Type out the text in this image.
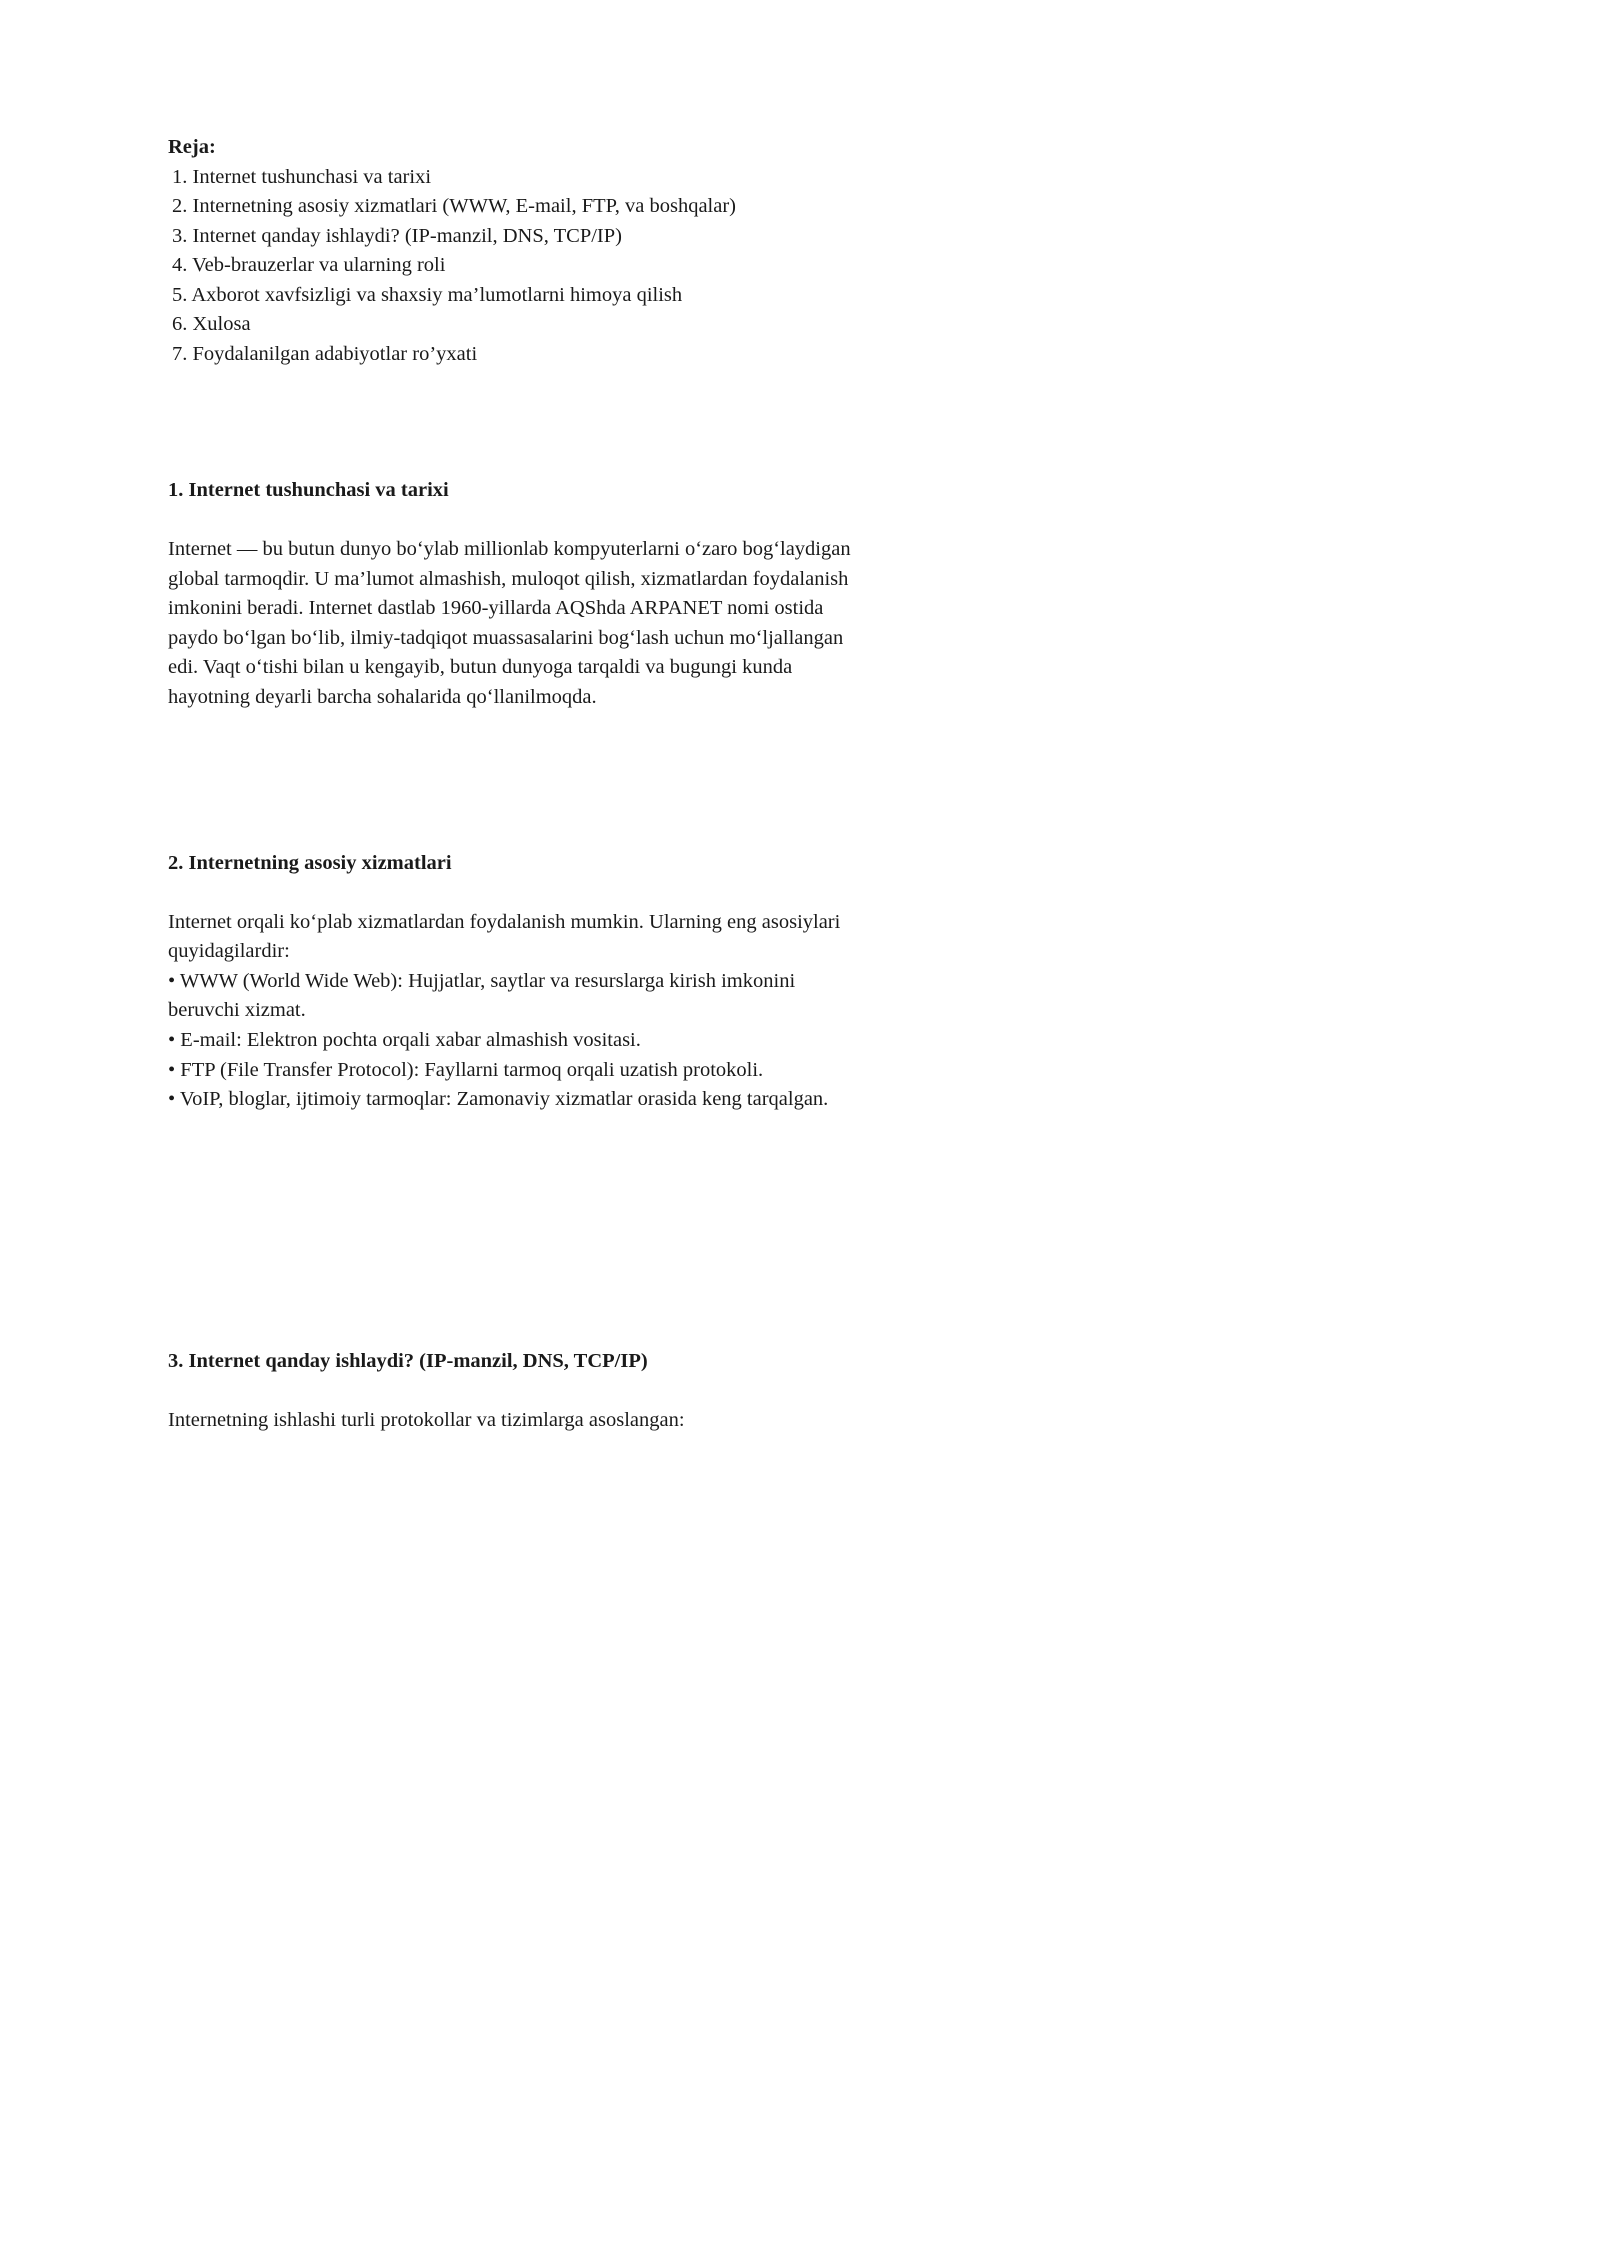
Reja:
1. Internet tushunchasi va tarixi
2. Internetning asosiy xizmatlari (WWW, E-mail, FTP, va boshqalar)
3. Internet qanday ishlaydi? (IP-manzil, DNS, TCP/IP)
4. Veb-brauzerlar va ularning roli
5. Axborot xavfsizligi va shaxsiy ma’lumotlarni himoya qilish
6. Xulosa
7. Foydalanilgan adabiyotlar ro’yxati
1. Internet tushunchasi va tarixi
Internet — bu butun dunyo bo‘ylab millionlab kompyuterlarni o‘zaro bog‘laydigan
global tarmoqdir. U ma’lumot almashish, muloqot qilish, xizmatlardan foydalanish
imkonini beradi. Internet dastlab 1960-yillarda AQShda ARPANET nomi ostida
paydo bo‘lgan bo‘lib, ilmiy-tadqiqot muassasalarini bog‘lash uchun mo‘ljallangan
edi. Vaqt o‘tishi bilan u kengayib, butun dunyoga tarqaldi va bugungi kunda
hayotning deyarli barcha sohalarida qo‘llanilmoqda.
2. Internetning asosiy xizmatlari
Internet orqali ko‘plab xizmatlardan foydalanish mumkin. Ularning eng asosiylari
quyidagilardir:
• WWW (World Wide Web): Hujjatlar, saytlar va resurslarga kirish imkonini
beruvchi xizmat.
• E-mail: Elektron pochta orqali xabar almashish vositasi.
• FTP (File Transfer Protocol): Fayllarni tarmoq orqali uzatish protokoli.
• VoIP, bloglar, ijtimoiy tarmoqlar: Zamonaviy xizmatlar orasida keng tarqalgan.
3. Internet qanday ishlaydi? (IP-manzil, DNS, TCP/IP)
Internetning ishlashi turli protokollar va tizimlarga asoslangan:
